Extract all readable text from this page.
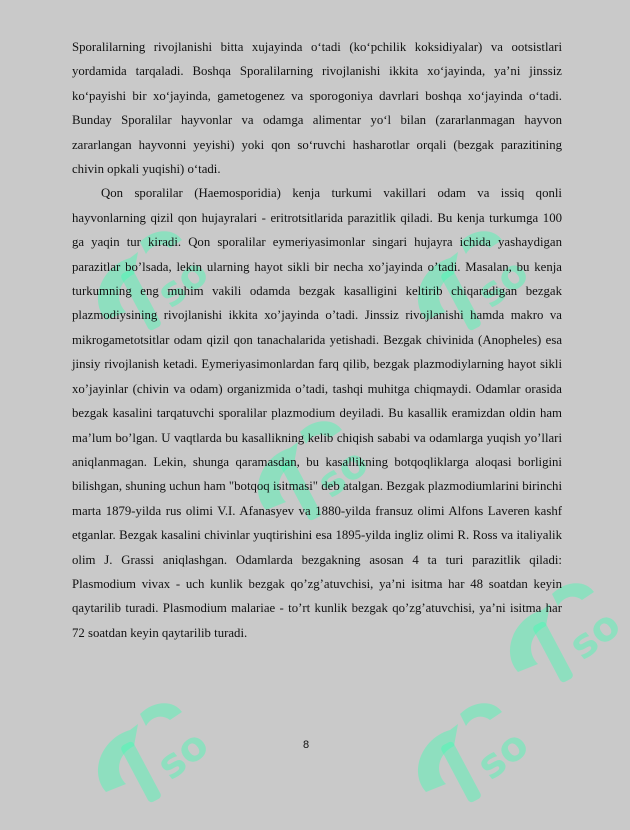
so	so
so
so
so	so

Sporalilarning rivojlanishi bitta xujayinda o‘tadi (ko‘pchilik koksidiyalar) va ootsistlari yordamida tarqaladi. Boshqa Sporalilarning rivojlanishi ikkita xo‘jayinda, ya’ni jinssiz ko‘payishi bir xo‘jayinda, gametogenez va sporogoniya davrlari boshqa xo‘jayinda o‘tadi. Bunday Sporalilar hayvonlar va odamga alimentar yo‘l bilan (zararlanmagan hayvon zararlangan hayvonni yeyishi) yoki qon so‘ruvchi hasharotlar orqali (bezgak parazitining chivin opkali yuqishi) o‘tadi.

Qon sporalilar (Haemosporidia) kenja turkumi vakillari odam va issiq qonli hayvonlarning qizil qon hujayralari - eritrotsitlarida parazitlik qiladi. Bu kenja turkumga 100 ga yaqin tur kiradi. Qon sporalilar eymeriyasimonlar singari hujayra ichida yashaydigan parazitlar bo’lsada, lekin ularning hayot sikli bir necha xo’jayinda o’tadi. Masalan, bu kenja turkumning eng muhim vakili odamda bezgak kasalligini keltirib chiqaradigan bezgak plazmodiysining rivojlanishi ikkita xo’jayinda o’tadi. Jinssiz rivojlanishi hamda makro va mikrogametotsitlar odam qizil qon tanachalarida yetishadi. Bezgak chivinida (Anopheles) esa jinsiy rivojlanish ketadi. Eymeriyasimonlardan farq qilib, bezgak plazmodiylarning hayot sikli xo’jayinlar (chivin va odam) organizmida o’tadi, tashqi muhitga chiqmaydi. Odamlar orasida bezgak kasalini tarqatuvchi sporalilar plazmodium deyiladi. Bu kasallik eramizdan oldin ham ma’lum bo’lgan. U vaqtlarda bu kasallikning kelib chiqish sababi va odamlarga yuqish yo’llari aniqlanmagan. Lekin, shunga qaramasdan, bu kasallikning botqoqliklarga aloqasi borligini bilishgan, shuning uchun ham "botqoq isitmasi" deb atalgan. Bezgak plazmodiumlarini birinchi marta 1879-yilda rus olimi V.I. Afanasyev va 1880-yilda fransuz olimi Alfons Laveren kashf etganlar. Bezgak kasalini chivinlar yuqtirishini esa 1895-yilda ingliz olimi R. Ross va italiyalik olim J. Grassi aniqlashgan. Odamlarda bezgakning asosan 4 ta turi parazitlik qiladi: Plasmodium vivax - uch kunlik bezgak qo’zg’atuvchisi, ya’ni isitma har 48 soatdan keyin qaytarilib turadi. Plasmodium malariae - to’rt kunlik bezgak qo’zg’atuvchisi, ya’ni isitma har 72 soatdan keyin qaytarilib turadi.

8
